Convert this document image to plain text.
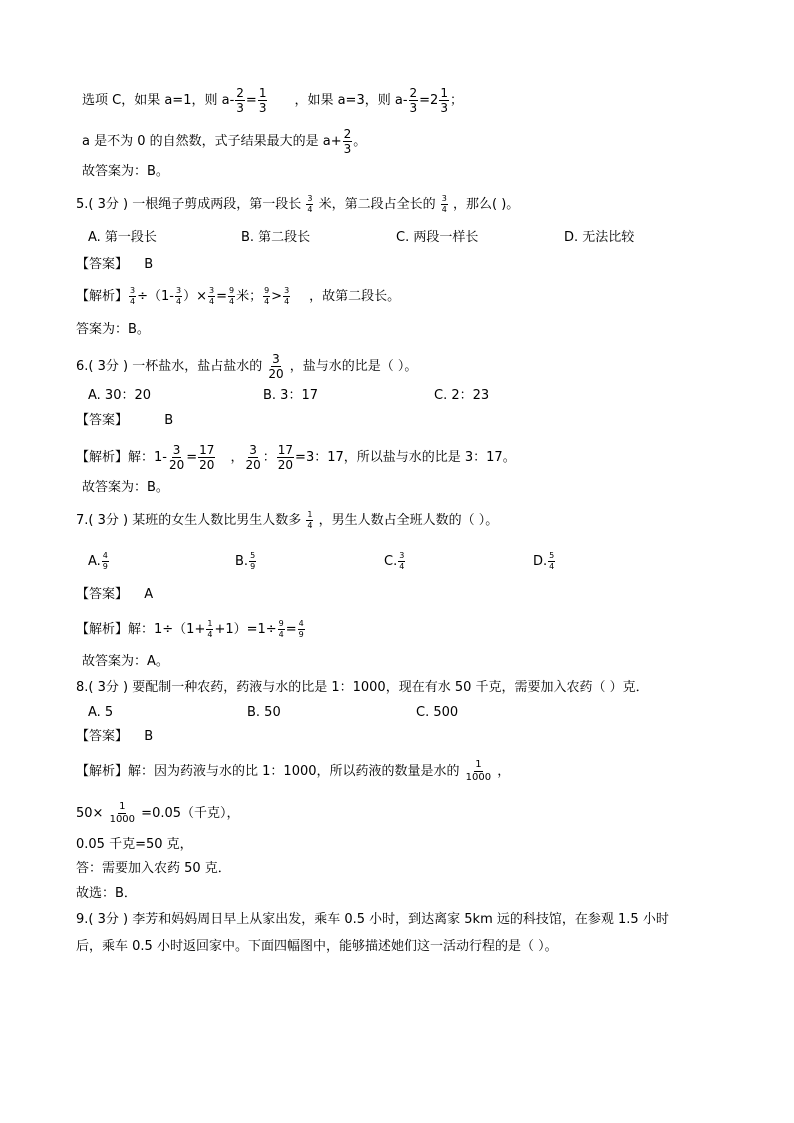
选项 C，如果 a=1，则 $a- \frac{2}{3} = \frac{1}{3}$ ，如果 a=3，则 $a- \frac{2}{3} =2 \frac{1}{3}$ ；
a 是不为 0 的自然数，式子结果最大的是 $a+ \frac{2}{3}$ 。
故答案为：B。
5.( 3分 ) 一根绳子剪成两段，第一段长 $\frac{3}{4}$ 米，第二段占全长的 $\frac{3}{4}$ ，那么( )。
A. 第一段长	B. 第二段长	C. 两段一样长	D. 无法比较
【答案】 B
【解析】 $\frac{3}{4} \div(1- \frac{3}{4}$ ）× $\frac{3}{4} = \frac{9}{4}$ 米； $\frac{9}{4} > \frac{3}{4}$ ，故第二段长。
答案为：B。
6.( 3分 ) 一杯盐水，盐占盐水的 $\frac{3}{20}$ ，盐与水的比是（ ）。
A. 30：20	B. 3：17	C. 2：23
【答案】	B
【解析】解：$1- \frac{3}{20} = \frac{17}{20}$ ， $\frac{3}{20}$ ： $\frac{17}{20} =3$：17，所以盐与水的比是 3：17。
故答案为：B。
7.( 3分 ) 某班的女生人数比男生人数多 $\frac{1}{4}$ ，男生人数占全班人数的（ ）。
A. $\frac{4}{9}$	B. $\frac{5}{9}$	C. $\frac{3}{4}$	D. $\frac{5}{4}$
【答案】 A
【解析】解：$1\div(1+ \frac{1}{4} +1)=1\div \frac{9}{4} = \frac{4}{9}$
故答案为：A。
8.( 3分 ) 要配制一种农药，药液与水的比是 1：1000，现在有水 50 千克，需要加入农药（ ）克．
A. 5	B. 50	C. 500
【答案】 B
【解析】解：因为药液与水的比 1：1000，所以药液的数量是水的 $\frac{1}{1000}$ ，
$50\times \frac{1}{1000} =0.05$（千克），
0.05 千克=50 克，
答：需要加入农药 50 克．
故选：B．
9.( 3分 ) 李芳和妈妈周日早上从家出发，乘车 0.5 小时，到达离家 5km 远的科技馆，在参观 1.5 小时
后，乘车 0.5 小时返回家中。下面四幅图中，能够描述她们这一活动行程的是（ ）。
